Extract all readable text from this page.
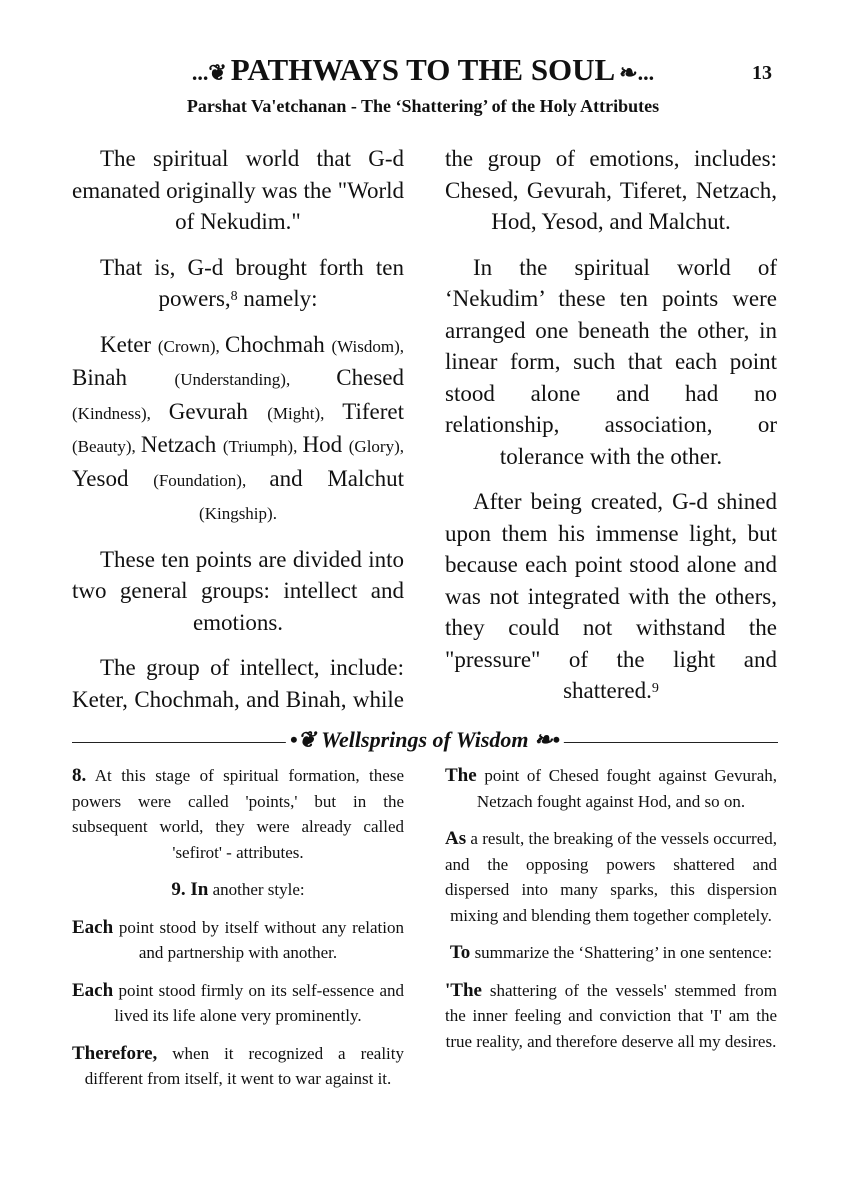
...❦ PATHWAYS TO THE SOUL ❧...	13
Parshat Va'etchanan - The ‘Shattering’ of the Holy Attributes

The spiritual world that G-d emanated originally was the "World of Nekudim."

That is, G-d brought forth ten powers,$^8$ namely:

Keter (Crown), Chochmah (Wisdom), Binah (Understanding), Chesed (Kindness), Gevurah (Might), Tiferet (Beauty), Netzach (Triumph), Hod (Glory), Yesod (Foundation), and Malchut (Kingship).

These ten points are divided into two general groups: intellect and emotions.

The group of intellect, include: Keter, Chochmah, and Binah, while

the group of emotions, includes: Chesed, Gevurah, Tiferet, Netzach, Hod, Yesod, and Malchut.

In the spiritual world of ‘Nekudim’ these ten points were arranged one beneath the other, in linear form, such that each point stood alone and had no relationship, association, or tolerance with the other.

After being created, G-d shined upon them his immense light, but because each point stood alone and was not integrated with the others, they could not withstand the "pressure" of the light and shattered.$^9$

•❦ Wellsprings of Wisdom ❧•

8. At this stage of spiritual formation, these powers were called 'points,' but in the subsequent world, they were already called 'sefirot' - attributes.

9. In another style:

Each point stood by itself without any relation and partnership with another.

Each point stood firmly on its self-essence and lived its life alone very prominently.

Therefore, when it recognized a reality different from itself, it went to war against it.

The point of Chesed fought against Gevurah, Netzach fought against Hod, and so on.

As a result, the breaking of the vessels occurred, and the opposing powers shattered and dispersed into many sparks, this dispersion mixing and blending them together completely.

To summarize the ‘Shattering’ in one sentence:

'The shattering of the vessels' stemmed from the inner feeling and conviction that 'I' am the true reality, and therefore deserve all my desires.
